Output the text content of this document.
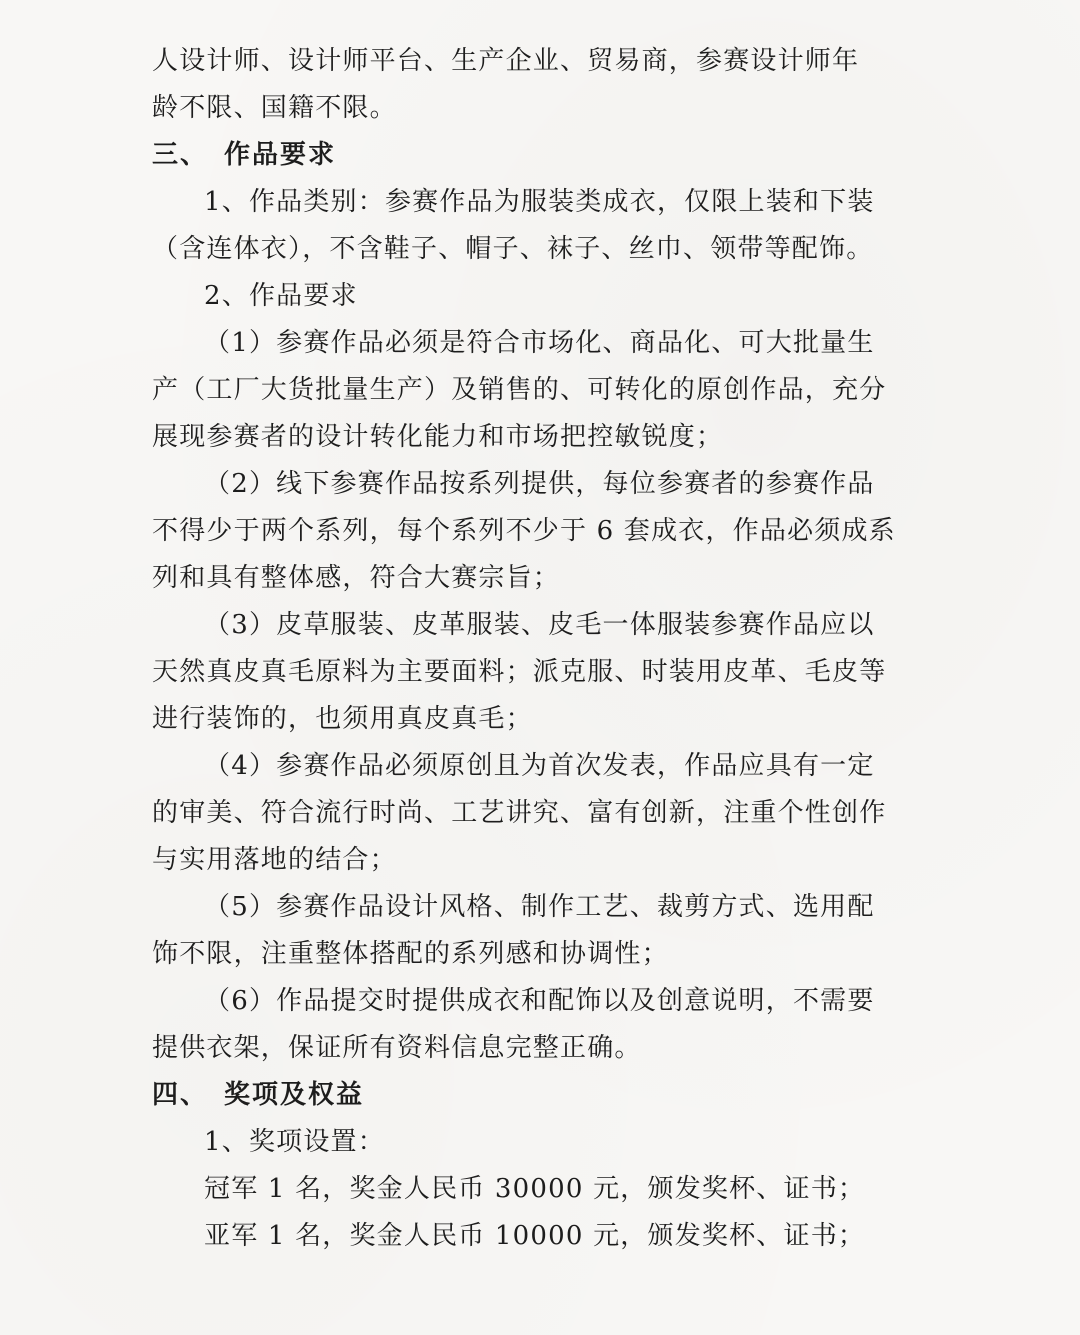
人设计师、设计师平台、生产企业、贸易商，参赛设计师年
龄不限、国籍不限。
三、 作品要求
1、作品类别：参赛作品为服装类成衣，仅限上装和下装
（含连体衣），不含鞋子、帽子、袜子、丝巾、领带等配饰。
2、作品要求
（1）参赛作品必须是符合市场化、商品化、可大批量生
产（工厂大货批量生产）及销售的、可转化的原创作品，充分
展现参赛者的设计转化能力和市场把控敏锐度；
（2）线下参赛作品按系列提供，每位参赛者的参赛作品
不得少于两个系列，每个系列不少于 6 套成衣，作品必须成系
列和具有整体感，符合大赛宗旨；
（3）皮草服装、皮革服装、皮毛一体服装参赛作品应以
天然真皮真毛原料为主要面料；派克服、时装用皮革、毛皮等
进行装饰的，也须用真皮真毛；
（4）参赛作品必须原创且为首次发表，作品应具有一定
的审美、符合流行时尚、工艺讲究、富有创新，注重个性创作
与实用落地的结合；
（5）参赛作品设计风格、制作工艺、裁剪方式、选用配
饰不限，注重整体搭配的系列感和协调性；
（6）作品提交时提供成衣和配饰以及创意说明，不需要
提供衣架，保证所有资料信息完整正确。
四、 奖项及权益
1、奖项设置：
冠军 1 名，奖金人民币 30000 元，颁发奖杯、证书；
亚军 1 名，奖金人民币 10000 元，颁发奖杯、证书；
